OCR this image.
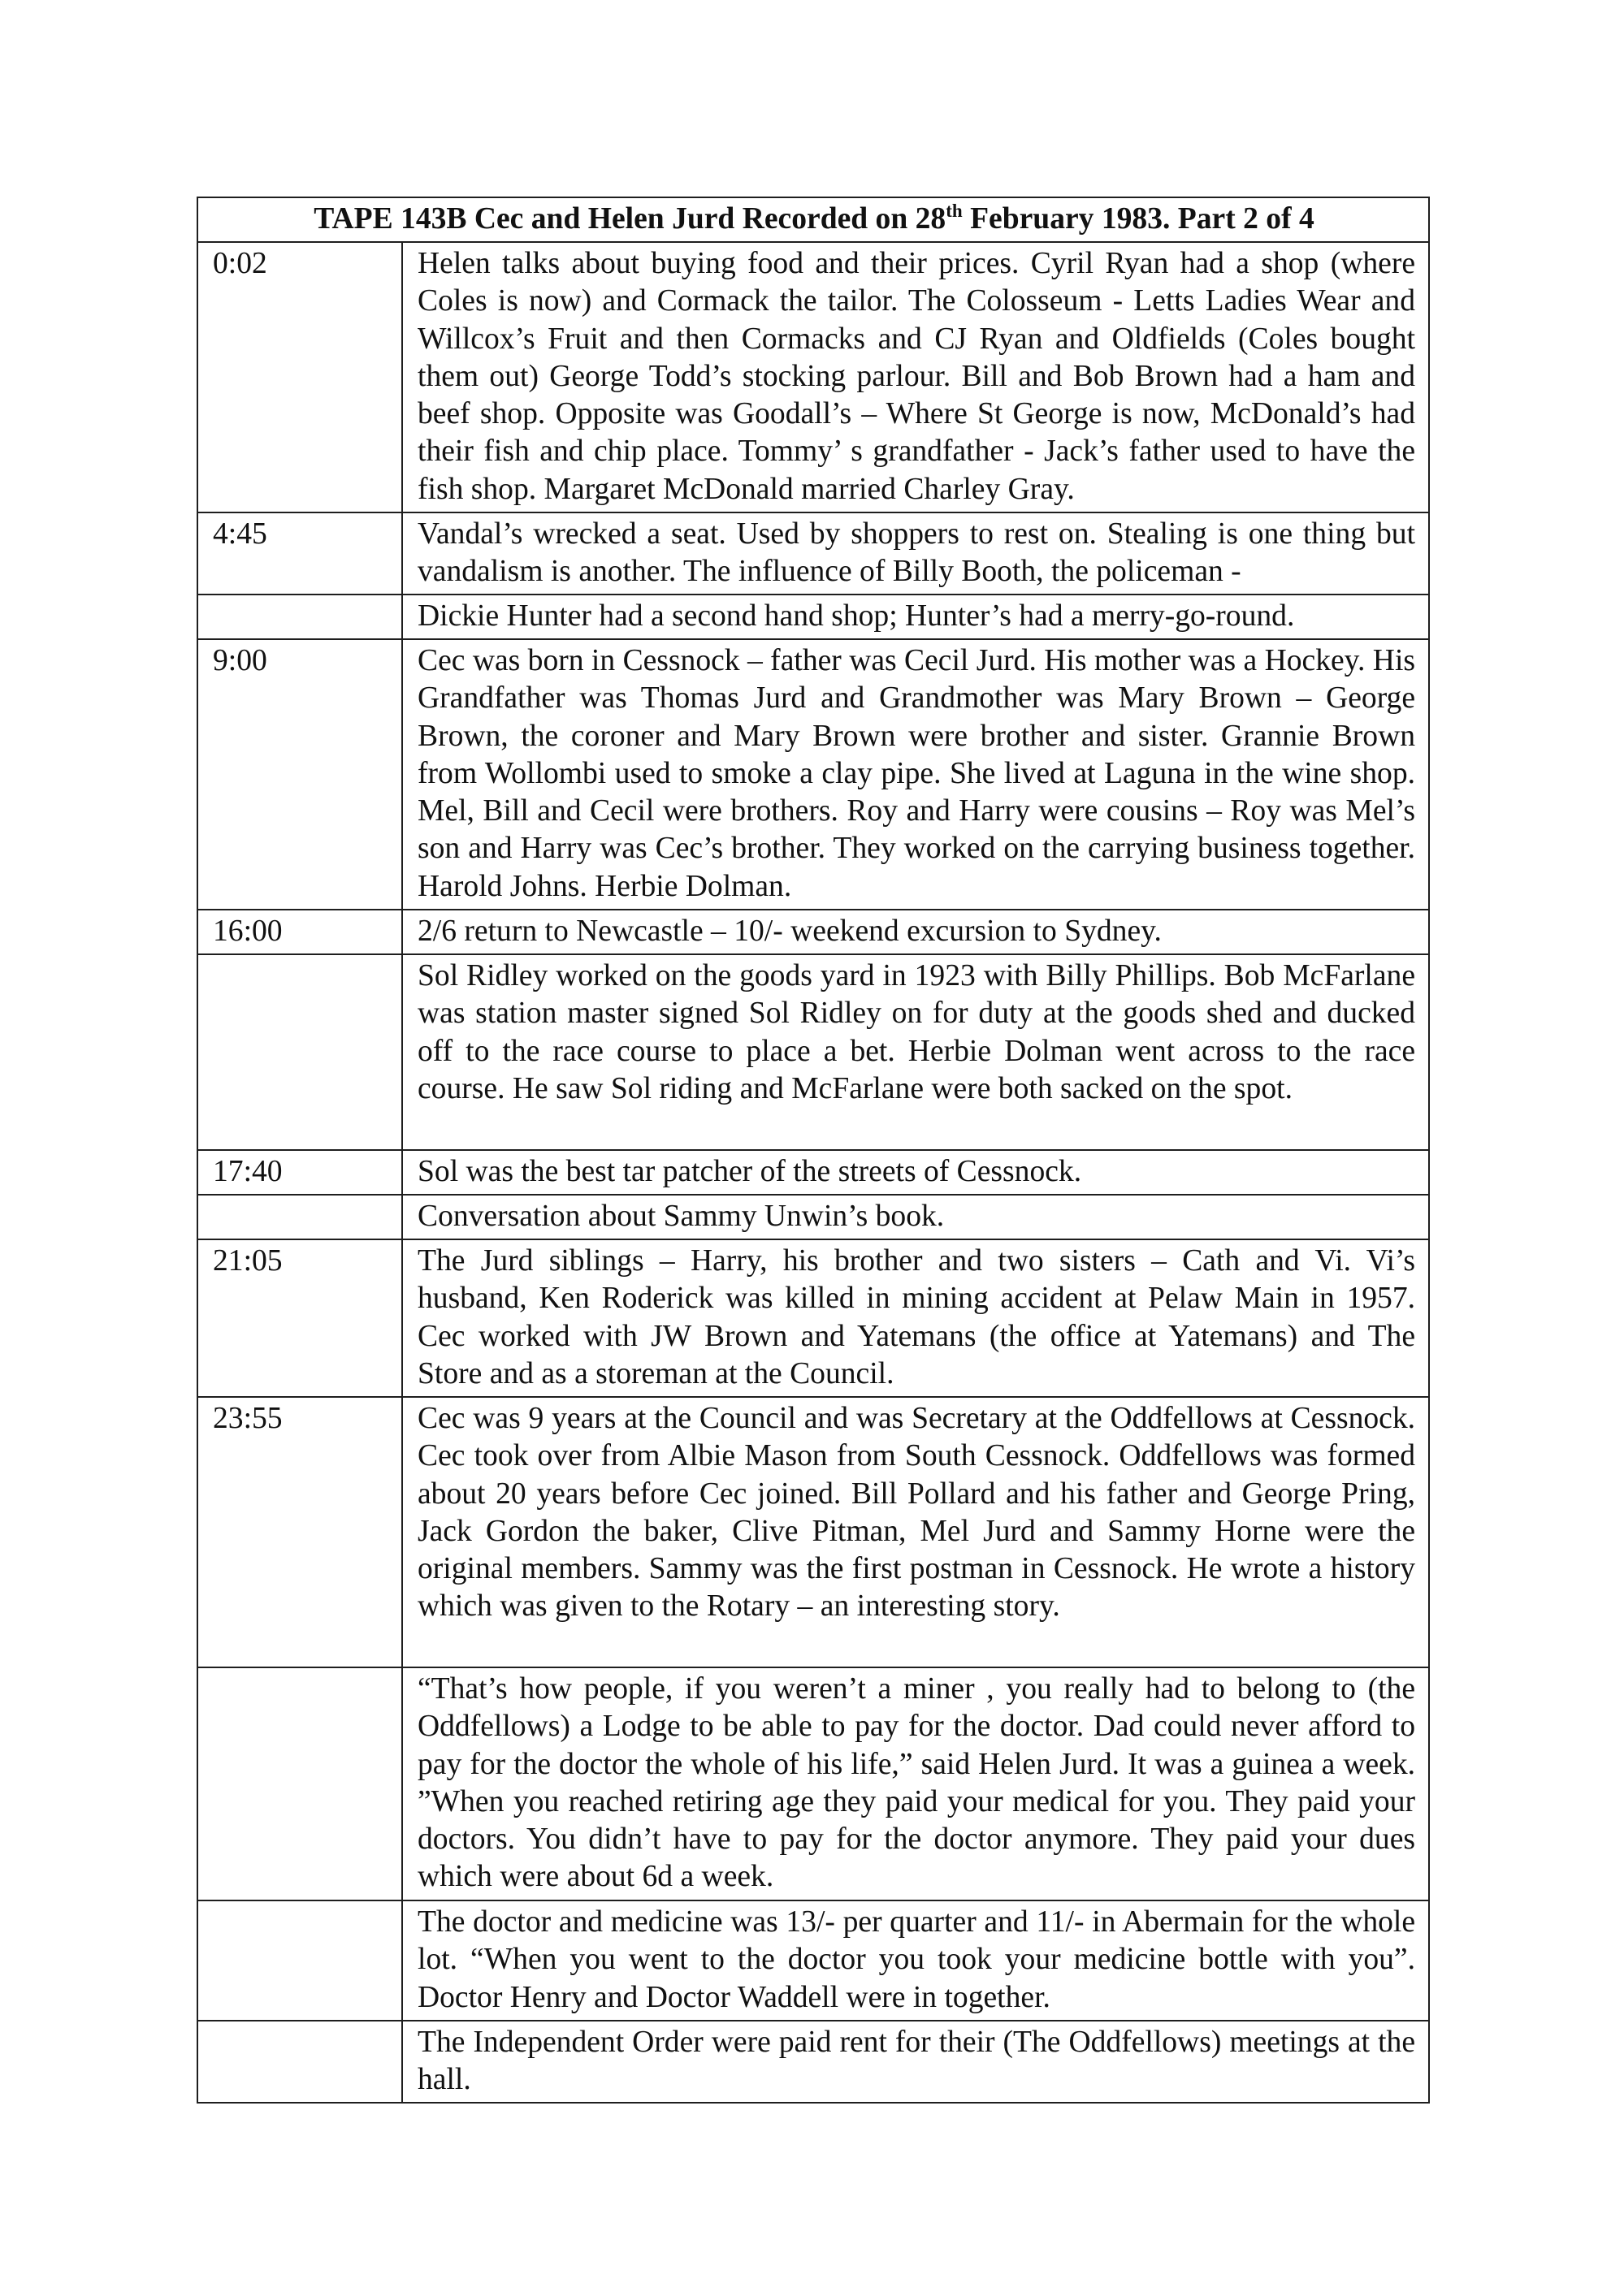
TAPE 143B Cec and Helen Jurd Recorded on 28th February 1983. Part 2 of 4	
0:02	Helen talks about buying food and their prices. Cyril Ryan had a shop (where Coles is now) and Cormack the tailor. The Colosseum - Letts Ladies Wear and Willcox’s Fruit and then Cormacks and CJ Ryan and Oldfields (Coles bought them out) George Todd’s stocking parlour. Bill and Bob Brown had a ham and beef shop. Opposite was Goodall’s – Where St George is now, McDonald’s had their fish and chip place. Tommy’ s grandfather - Jack’s father used to have the fish shop. Margaret McDonald married Charley Gray.
4:45	Vandal’s wrecked a seat. Used by shoppers to rest on. Stealing is one thing but vandalism is another. The influence of Billy Booth, the policeman -
	Dickie Hunter had a second hand shop; Hunter’s had a merry-go-round.
9:00	Cec was born in Cessnock – father was Cecil Jurd. His mother was a Hockey. His Grandfather was Thomas Jurd and Grandmother was Mary Brown – George Brown, the coroner and Mary Brown were brother and sister. Grannie Brown from Wollombi used to smoke a clay pipe. She lived at Laguna in the wine shop. Mel, Bill and Cecil were brothers. Roy and Harry were cousins – Roy was Mel’s son and Harry was Cec’s brother. They worked on the carrying business together. Harold Johns. Herbie Dolman.
16:00	2/6 return to Newcastle – 10/- weekend excursion to Sydney.
	Sol Ridley worked on the goods yard in 1923 with Billy Phillips. Bob McFarlane was station master signed Sol Ridley on for duty at the goods shed and ducked off to the race course to place a bet. Herbie Dolman went across to the race course. He saw Sol riding and McFarlane were both sacked on the spot.
17:40	Sol was the best tar patcher of the streets of Cessnock.
	Conversation about Sammy Unwin’s book.
21:05	The Jurd siblings – Harry, his brother and two sisters – Cath and Vi. Vi’s husband, Ken Roderick was killed in mining accident at Pelaw Main in 1957. Cec worked with JW Brown and Yatemans (the office at Yatemans) and The Store and as a storeman at the Council.
23:55	Cec was 9 years at the Council and was Secretary at the Oddfellows at Cessnock. Cec took over from Albie Mason from South Cessnock. Oddfellows was formed about 20 years before Cec joined. Bill Pollard and his father and George Pring, Jack Gordon the baker, Clive Pitman, Mel Jurd and Sammy Horne were the original members. Sammy was the first postman in Cessnock. He wrote a history which was given to the Rotary – an interesting story.
	“That’s how people, if you weren’t a miner , you really had to belong to (the Oddfellows) a Lodge to be able to pay for the doctor. Dad could never afford to pay for the doctor the whole of his life,” said Helen Jurd. It was a guinea a week. ”When you reached retiring age they paid your medical for you. They paid your doctors. You didn’t have to pay for the doctor anymore. They paid your dues which were about 6d a week.
	The doctor and medicine was 13/- per quarter and 11/- in Abermain for the whole lot. “When you went to the doctor you took your medicine bottle with you”. Doctor Henry and Doctor Waddell were in together.
	The Independent Order were paid rent for their (The Oddfellows) meetings at the hall.
